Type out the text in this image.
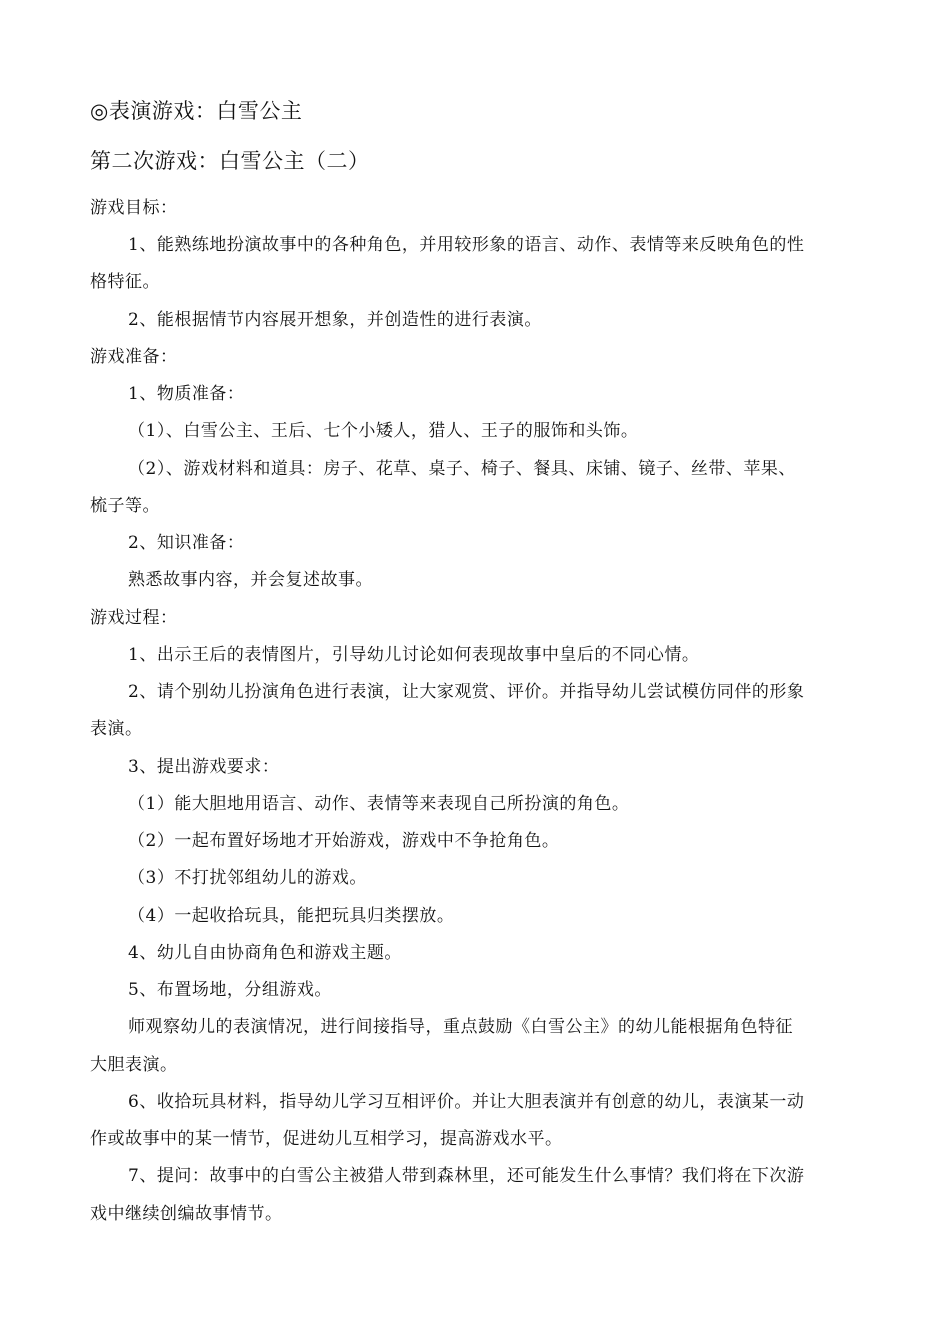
◎表演游戏：白雪公主
第二次游戏：白雪公主（二）
游戏目标：
1、能熟练地扮演故事中的各种角色，并用较形象的语言、动作、表情等来反映角色的性
格特征。
2、能根据情节内容展开想象，并创造性的进行表演。
游戏准备：
1、物质准备：
（1）、白雪公主、王后、七个小矮人，猎人、王子的服饰和头饰。
（2）、游戏材料和道具：房子、花草、桌子、椅子、餐具、床铺、镜子、丝带、苹果、
梳子等。
2、知识准备：
熟悉故事内容，并会复述故事。
游戏过程：
1、出示王后的表情图片，引导幼儿讨论如何表现故事中皇后的不同心情。
2、请个别幼儿扮演角色进行表演，让大家观赏、评价。并指导幼儿尝试模仿同伴的形象
表演。
3、提出游戏要求：
（1）能大胆地用语言、动作、表情等来表现自己所扮演的角色。
（2）一起布置好场地才开始游戏，游戏中不争抢角色。
（3）不打扰邻组幼儿的游戏。
（4）一起收拾玩具，能把玩具归类摆放。
4、幼儿自由协商角色和游戏主题。
5、布置场地，分组游戏。
师观察幼儿的表演情况，进行间接指导，重点鼓励《白雪公主》的幼儿能根据角色特征
大胆表演。
6、收拾玩具材料，指导幼儿学习互相评价。并让大胆表演并有创意的幼儿，表演某一动
作或故事中的某一情节，促进幼儿互相学习，提高游戏水平。
7、提问：故事中的白雪公主被猎人带到森林里，还可能发生什么事情？我们将在下次游
戏中继续创编故事情节。
